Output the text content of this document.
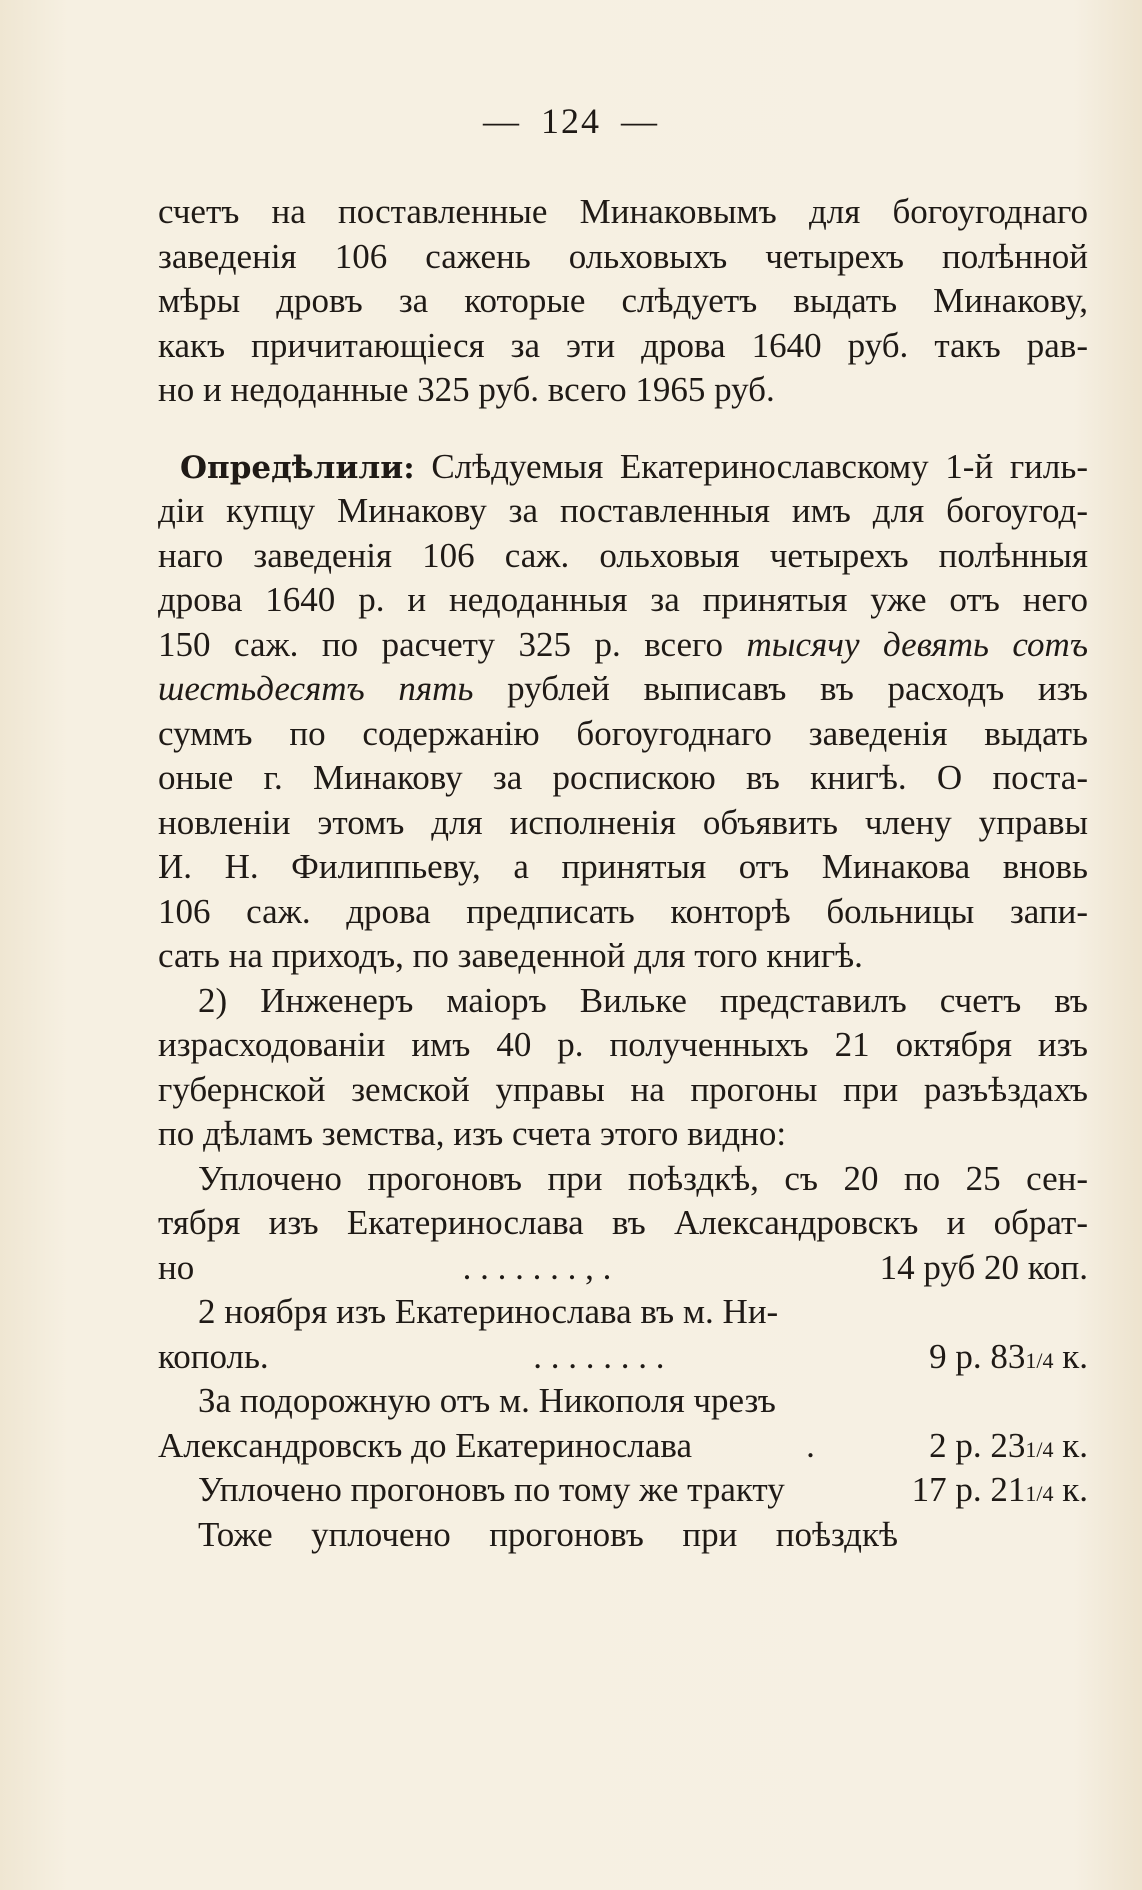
— 124 —
счетъ на поставленные Минаковымъ для богоугоднаго
заведенія 106 сажень ольховыхъ четырехъ полѣнной
мѣры дровъ за которые слѣдуетъ выдать Минакову,
какъ причитающіеся за эти дрова 1640 руб. такъ рав-
но и недоданные 325 руб. всего 1965 руб.
Опредѣлили: Слѣдуемыя Екатеринославскому 1-й гиль-
діи купцу Минакову за поставленныя имъ для богоугод-
наго заведенія 106 саж. ольховыя четырехъ полѣнныя
дрова 1640 р. и недоданныя за принятыя уже отъ него
150 саж. по расчету 325 р. всего тысячу девять сотъ
шестьдесятъ пять рублей выписавъ въ расходъ изъ
суммъ по содержанію богоугоднаго заведенія выдать
оные г. Минакову за роспискою въ книгѣ. О поста-
новленіи этомъ для исполненія объявить члену управы
И. Н. Филиппьеву, а принятыя отъ Минакова вновь
106 саж. дрова предписать конторѣ больницы запи-
сать на приходъ, по заведенной для того книгѣ.
2) Инженеръ маіоръ Вильке представилъ счетъ въ
израсходованіи имъ 40 р. полученныхъ 21 октября изъ
губернской земской управы на прогоны при разъѣздахъ
по дѣламъ земства, изъ счета этого видно:
Уплочено прогоновъ при поѣздкѣ, съ 20 по 25 сен-
тября изъ Екатеринослава въ Александровскъ и обрат-
но	. . . . . . . , .	14 руб 20 коп.
2 ноября изъ Екатеринослава въ м. Ни-
кополь.	. . . . . . . .	9 р. 831/4 к.
За подорожную отъ м. Никополя чрезъ
Александровскъ до Екатеринослава	.	2 р. 231/4 к.
Уплочено прогоновъ по тому же тракту	17 р. 211/4 к.
Тоже уплочено прогоновъ при поѣздкѣ
